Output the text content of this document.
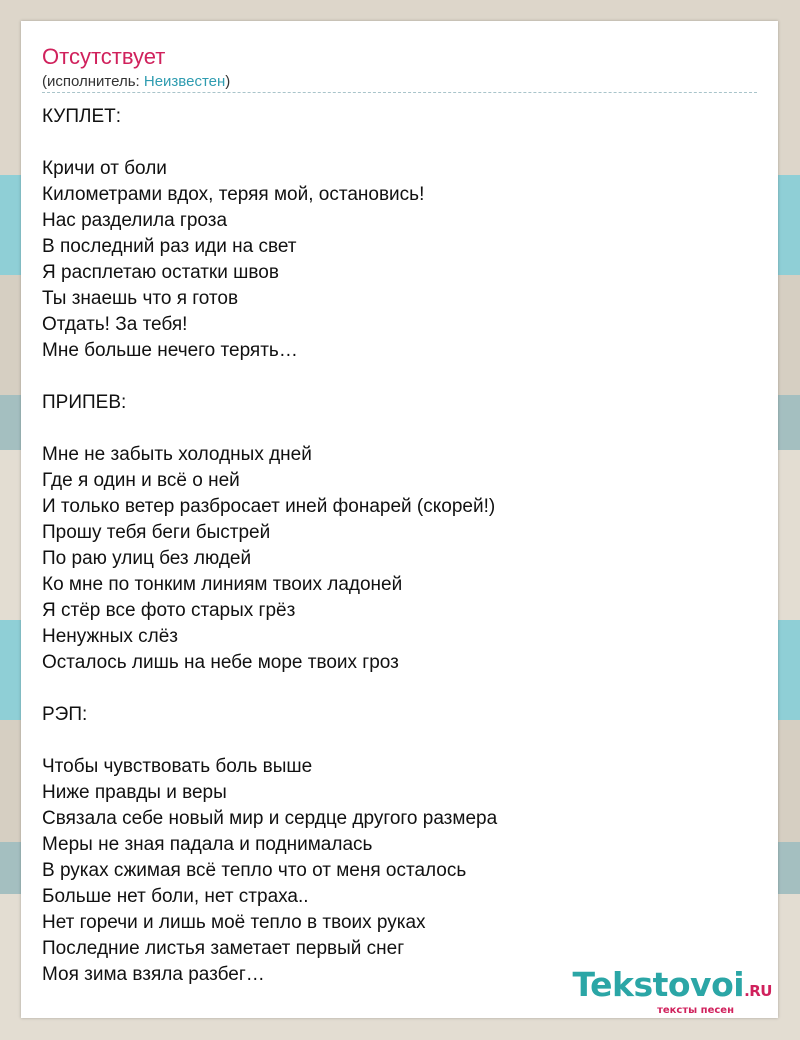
Отсутствует
(исполнитель: Неизвестен)
КУПЛЕТ:
Кричи от боли
Километрами вдох, теряя мой, остановись!
Нас разделила гроза
В последний раз иди на свет
Я расплетаю остатки швов
Ты знаешь что я готов
Отдать! За тебя!
Мне больше нечего терять…
ПРИПЕВ:
Мне не забыть холодных дней
Где я один и всё о ней
И только ветер разбросает иней фонарей (скорей!)
Прошу тебя беги быстрей
По раю улиц без людей
Ко мне по тонким линиям твоих ладоней
Я стёр все фото старых грёз
Ненужных слёз
Осталось лишь на небе море твоих гроз
РЭП:
Чтобы чувствовать боль выше
Ниже правды и веры
Связала себе новый мир и сердце другого размера
Меры не зная падала и поднималась
В руках сжимая всё тепло что от меня осталось
Больше нет боли, нет страха..
Нет горечи и лишь моё тепло в твоих руках
Последние листья заметает первый снег
Моя зима взяла разбег…	Tekstovoi.RU
тексты песен
